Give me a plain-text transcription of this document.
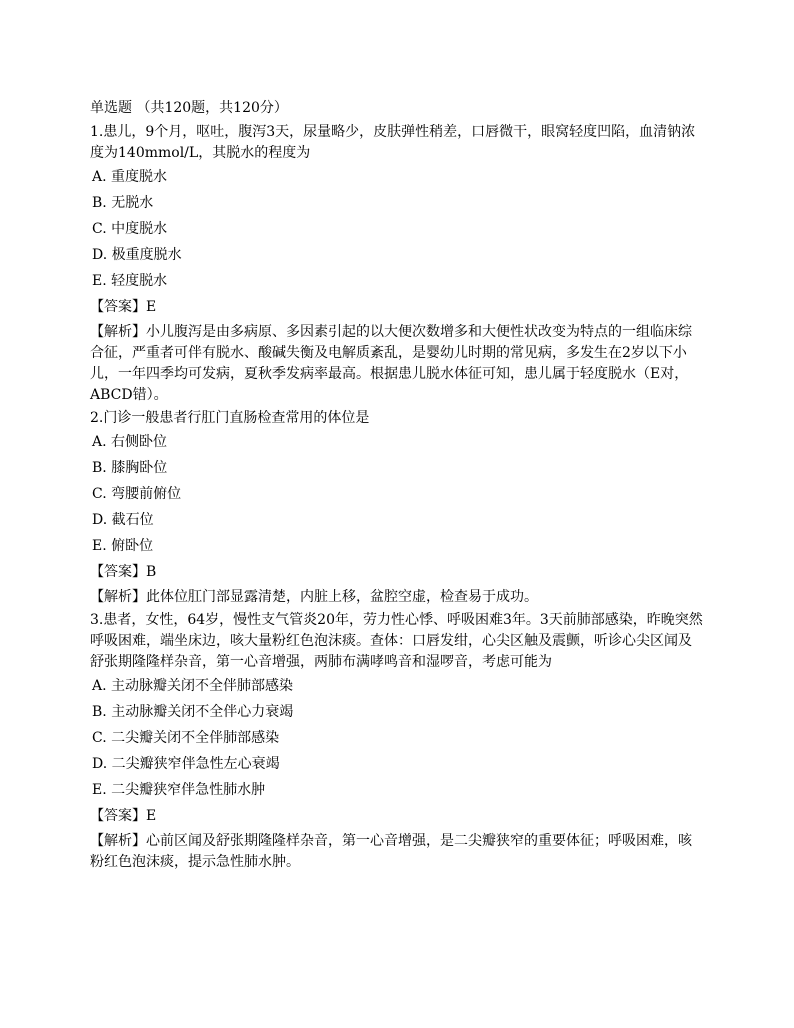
单选题 （共120题，共120分）

1.患儿，9个月，呕吐，腹泻3天，尿量略少，皮肤弹性稍差，口唇微干，眼窝轻度凹陷，血清钠浓度为140mmol/L，其脱水的程度为

A. 重度脱水
B. 无脱水
C. 中度脱水
D. 极重度脱水
E. 轻度脱水
【答案】E
【解析】小儿腹泻是由多病原、多因素引起的以大便次数增多和大便性状改变为特点的一组临床综合征，严重者可伴有脱水、酸碱失衡及电解质紊乱，是婴幼儿时期的常见病，多发生在2岁以下小儿，一年四季均可发病，夏秋季发病率最高。根据患儿脱水体征可知，患儿属于轻度脱水（E对，ABCD错）。

2.门诊一般患者行肛门直肠检查常用的体位是

A. 右侧卧位
B. 膝胸卧位
C. 弯腰前俯位
D. 截石位
E. 俯卧位
【答案】B
【解析】此体位肛门部显露清楚，内脏上移，盆腔空虚，检查易于成功。

3.患者，女性，64岁，慢性支气管炎20年，劳力性心悸、呼吸困难3年。3天前肺部感染，昨晚突然呼吸困难，端坐床边，咳大量粉红色泡沫痰。查体：口唇发绀，心尖区触及震颤，听诊心尖区闻及舒张期隆隆样杂音，第一心音增强，两肺布满哮鸣音和湿啰音，考虑可能为

A. 主动脉瓣关闭不全伴肺部感染
B. 主动脉瓣关闭不全伴心力衰竭
C. 二尖瓣关闭不全伴肺部感染
D. 二尖瓣狭窄伴急性左心衰竭
E. 二尖瓣狭窄伴急性肺水肿
【答案】E
【解析】心前区闻及舒张期隆隆样杂音，第一心音增强，是二尖瓣狭窄的重要体征；呼吸困难，咳粉红色泡沫痰，提示急性肺水肿。
